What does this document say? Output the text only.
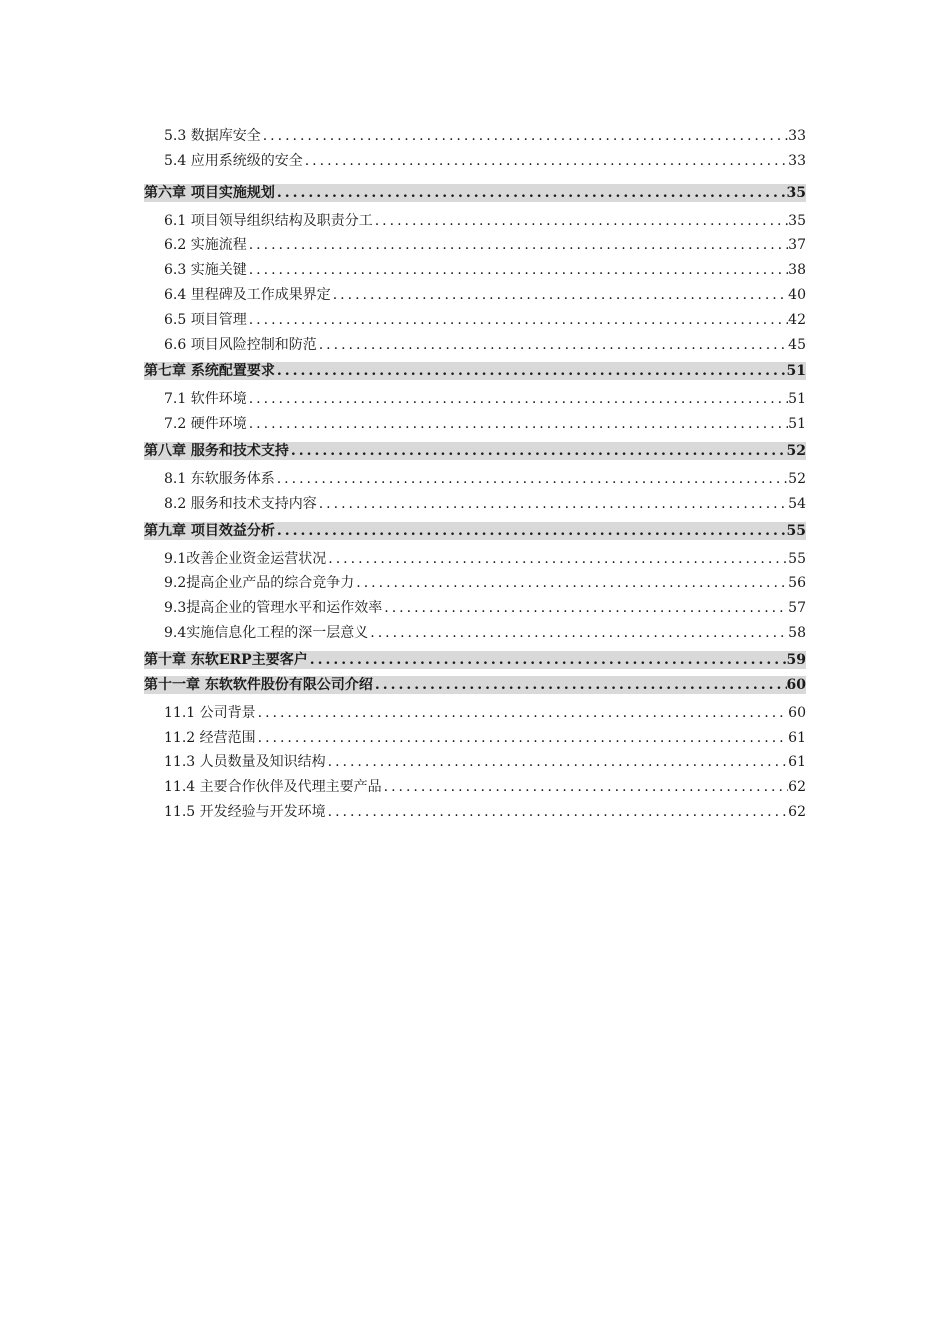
5.3 数据库安全 .....	33
5.4 应用系统级的安全 .....	33
第六章 项目实施规划 .....	35
6.1 项目领导组织结构及职责分工 .....	35
6.2 实施流程 .....	37
6.3 实施关键 .....	38
6.4 里程碑及工作成果界定 .....	40
6.5 项目管理 .....	42
6.6 项目风险控制和防范 .....	45
第七章 系统配置要求 .....	51
7.1 软件环境 .....	51
7.2 硬件环境 .....	51
第八章 服务和技术支持 .....	52
8.1 东软服务体系 .....	52
8.2 服务和技术支持内容 .....	54
第九章 项目效益分析 .....	55
9.1改善企业资金运营状况 .....	55
9.2提高企业产品的综合竞争力 .....	56
9.3提高企业的管理水平和运作效率 .....	57
9.4实施信息化工程的深一层意义 .....	58
第十章 东软ERP主要客户 .....	59
第十一章 东软软件股份有限公司介绍 .....	60
11.1 公司背景 .....	60
11.2 经营范围 .....	61
11.3 人员数量及知识结构 .....	61
11.4 主要合作伙伴及代理主要产品 .....	62
11.5 开发经验与开发环境 .....	62
